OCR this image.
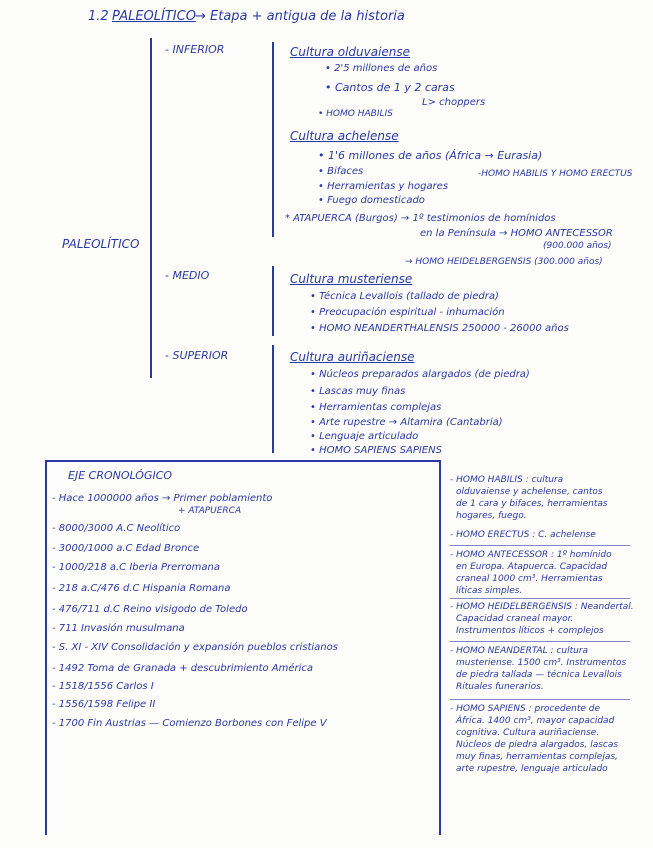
1.2 PALEOLÍTICO → Etapa + antigua de la historia
PALEOLÍTICO
- INFERIOR	Cultura olduvaiense
• 2'5 millones de años
• Cantos de 1 y 2 caras
L> choppers
• HOMO HABILIS
Cultura achelense
• 1'6 millones de años (África → Eurasia)
• Bifaces
• Herramientas y hogares
• Fuego domesticado
-HOMO HABILIS Y HOMO ERECTUS
* ATAPUERCA (Burgos) → 1º testimonios de homínidos
en la Península → HOMO ANTECESSOR
(900.000 años)
→ HOMO HEIDELBERGENSIS (300.000 años)
- MEDIO	Cultura musteriense
• Técnica Levallois (tallado de piedra)
• Preocupación espiritual - inhumación
• HOMO NEANDERTHALENSIS 250000 - 26000 años
- SUPERIOR	Cultura auriñaciense
• Núcleos preparados alargados (de piedra)
• Lascas muy finas
• Herramientas complejas
• Arte rupestre → Altamira (Cantabria)
• Lenguaje articulado
• HOMO SAPIENS SAPIENS
EJE CRONOLÓGICO
- Hace 1000000 años → Primer poblamiento
+ ATAPUERCA
- 8000/3000 A.C Neolítico
- 3000/1000 a.C Edad Bronce
- 1000/218 a.C Iberia Prerromana
- 218 a.C/476 d.C Hispania Romana
- 476/711 d.C Reino visigodo de Toledo
- 711 Invasión musulmana
- S. XI - XIV Consolidación y expansión pueblos cristianos
- 1492 Toma de Granada + descubrimiento América
- 1518/1556 Carlos I
- 1556/1598 Felipe II
- 1700 Fin Austrias — Comienzo Borbones con Felipe V
- HOMO HABILIS : cultura
olduvaiense y achelense, cantos
de 1 cara y bifaces, herramientas
hogares, fuego.
- HOMO ERECTUS : C. achelense
- HOMO ANTECESSOR : 1º homínido
en Europa. Atapuerca. Capacidad
craneal 1000 cm³. Herramientas
líticas simples.
- HOMO HEIDELBERGENSIS : Neandertal.
Capacidad craneal mayor.
Instrumentos líticos + complejos
- HOMO NEANDERTAL : cultura
musteriense. 1500 cm³. Instrumentos
de piedra tallada — técnica Levallois
Rituales funerarios.
- HOMO SAPIENS : procedente de
África. 1400 cm³, mayor capacidad
cognitiva. Cultura auriñaciense.
Núcleos de piedra alargados, lascas
muy finas, herramientas complejas,
arte rupestre, lenguaje articulado
